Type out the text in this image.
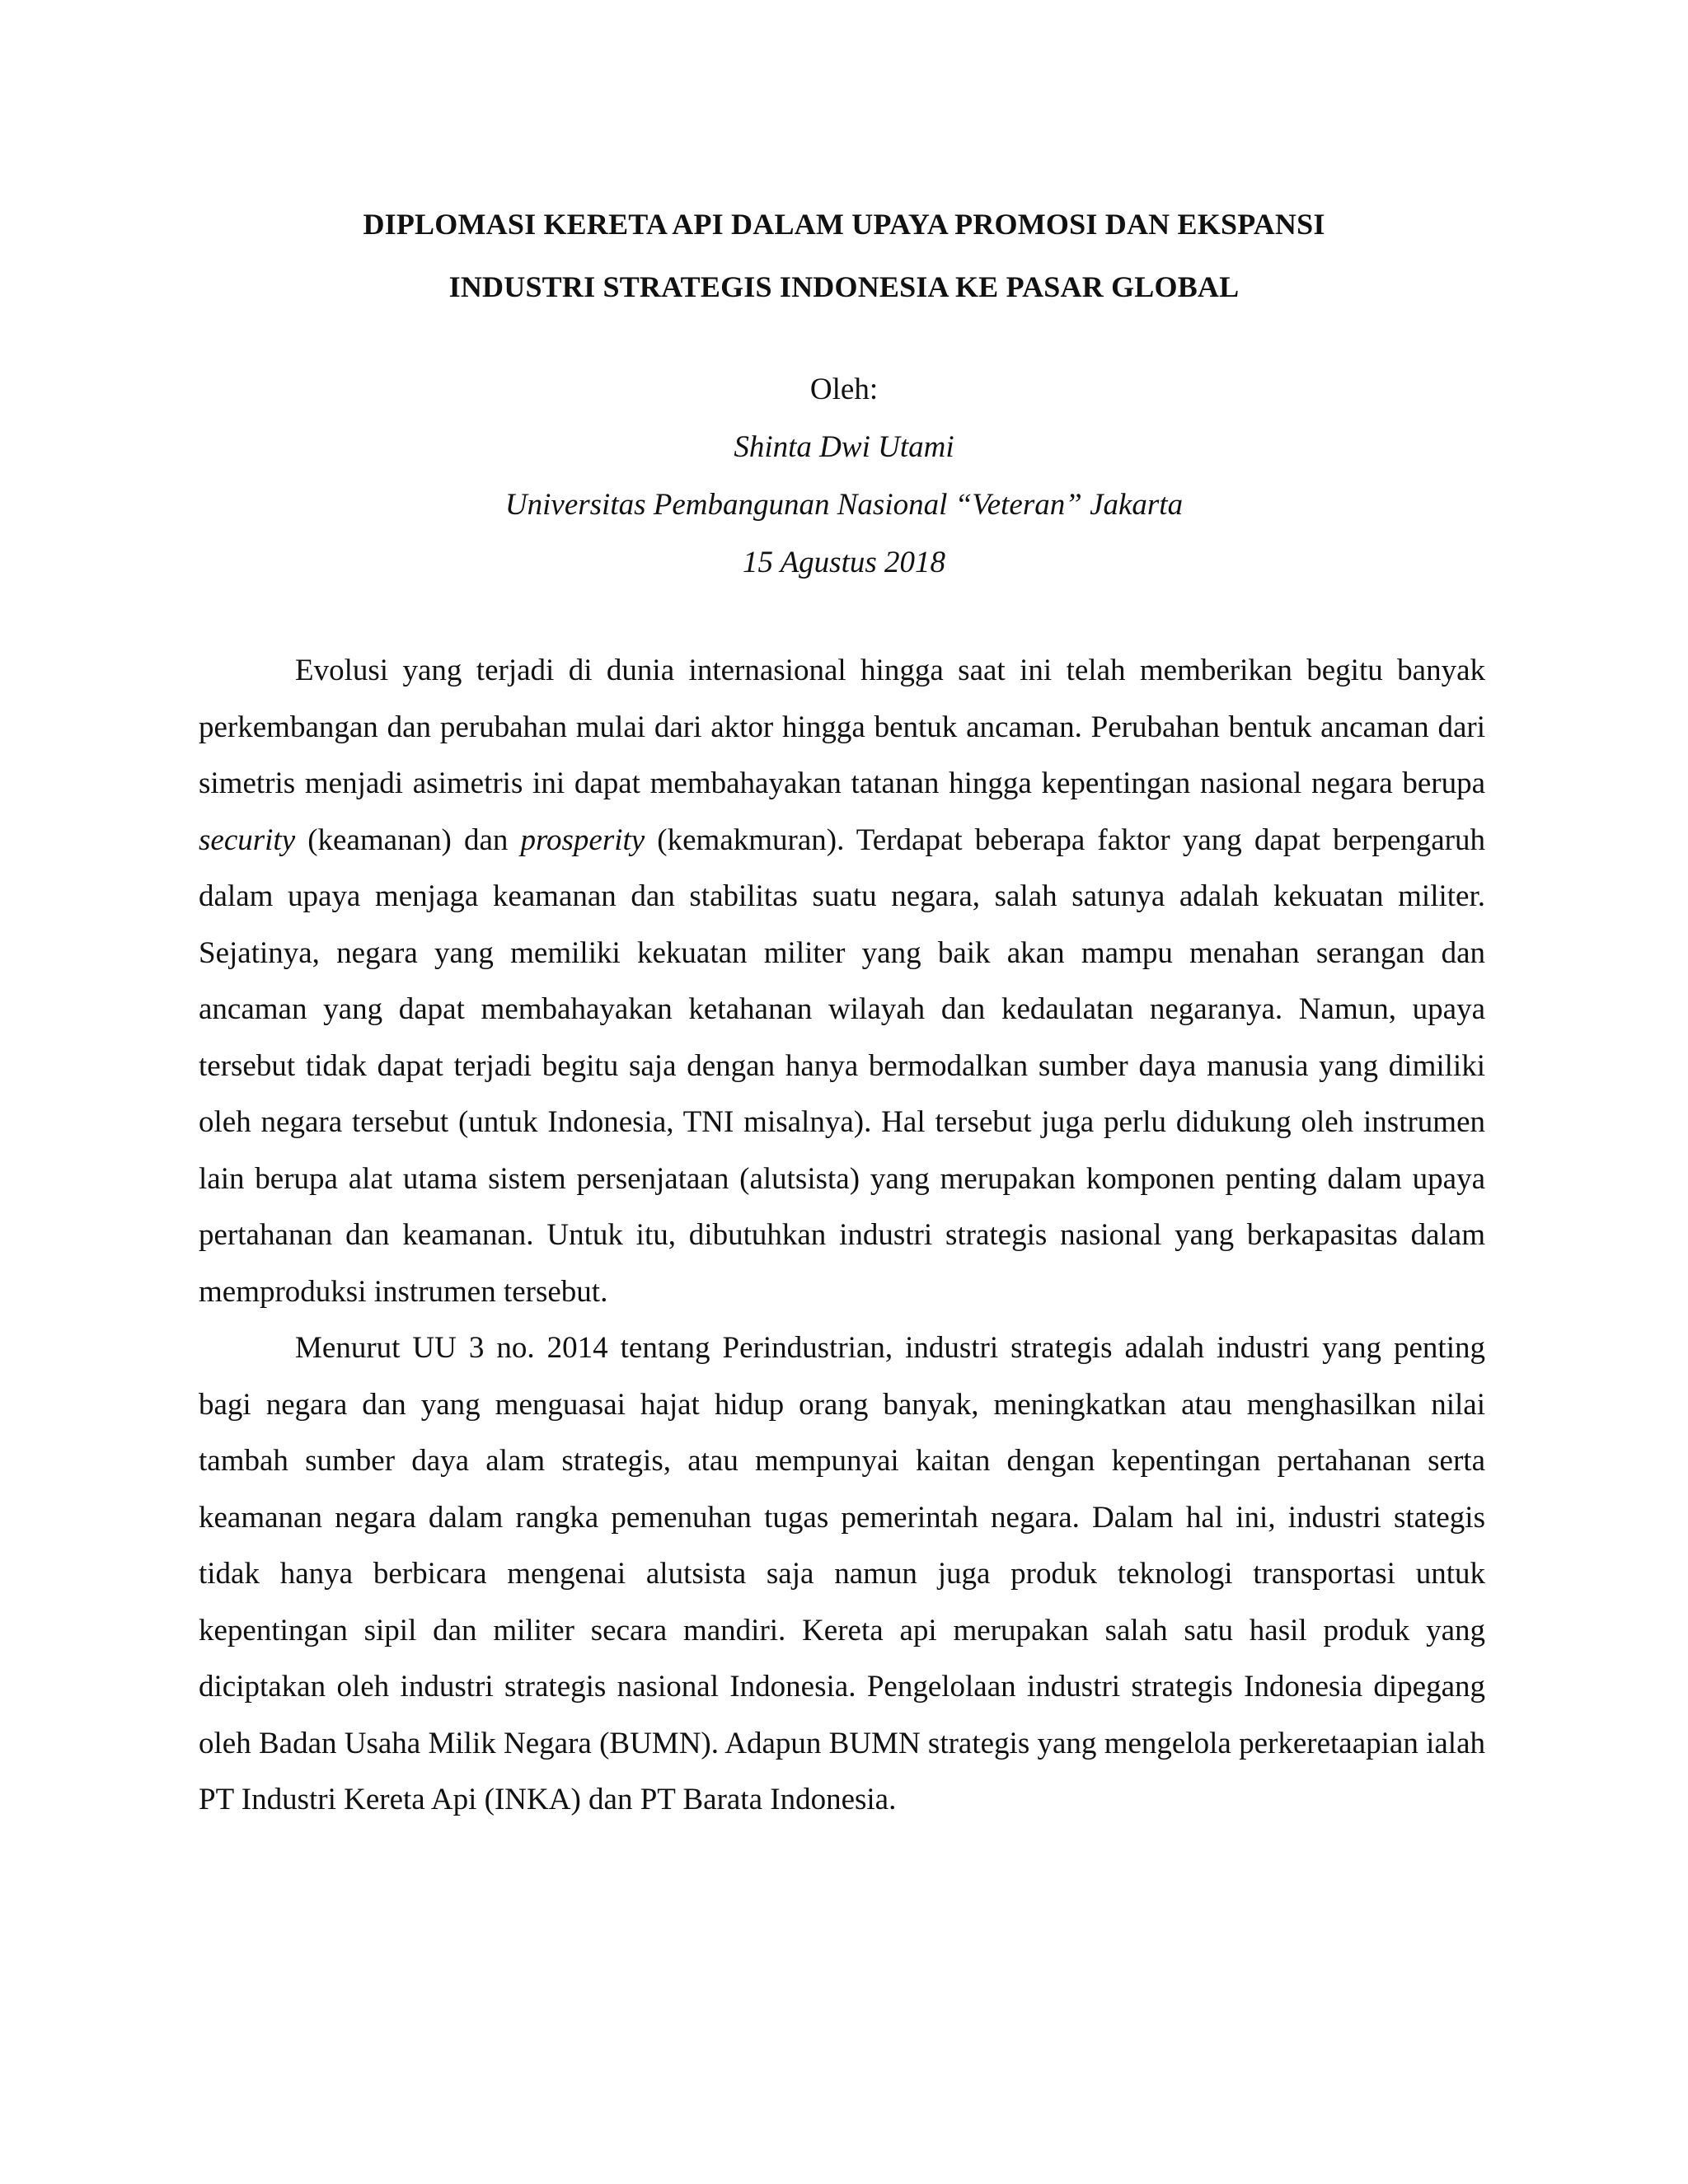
DIPLOMASI KERETA API DALAM UPAYA PROMOSI DAN EKSPANSI
INDUSTRI STRATEGIS INDONESIA KE PASAR GLOBAL
Oleh:
Shinta Dwi Utami
Universitas Pembangunan Nasional “Veteran” Jakarta
15 Agustus 2018

Evolusi yang terjadi di dunia internasional hingga saat ini telah memberikan begitu banyak perkembangan dan perubahan mulai dari aktor hingga bentuk ancaman. Perubahan bentuk ancaman dari simetris menjadi asimetris ini dapat membahayakan tatanan hingga kepentingan nasional negara berupa security (keamanan) dan prosperity (kemakmuran). Terdapat beberapa faktor yang dapat berpengaruh dalam upaya menjaga keamanan dan stabilitas suatu negara, salah satunya adalah kekuatan militer. Sejatinya, negara yang memiliki kekuatan militer yang baik akan mampu menahan serangan dan ancaman yang dapat membahayakan ketahanan wilayah dan kedaulatan negaranya. Namun, upaya tersebut tidak dapat terjadi begitu saja dengan hanya bermodalkan sumber daya manusia yang dimiliki oleh negara tersebut (untuk Indonesia, TNI misalnya). Hal tersebut juga perlu didukung oleh instrumen lain berupa alat utama sistem persenjataan (alutsista) yang merupakan komponen penting dalam upaya pertahanan dan keamanan. Untuk itu, dibutuhkan industri strategis nasional yang berkapasitas dalam memproduksi instrumen tersebut.

Menurut UU 3 no. 2014 tentang Perindustrian, industri strategis adalah industri yang penting bagi negara dan yang menguasai hajat hidup orang banyak, meningkatkan atau menghasilkan nilai tambah sumber daya alam strategis, atau mempunyai kaitan dengan kepentingan pertahanan serta keamanan negara dalam rangka pemenuhan tugas pemerintah negara. Dalam hal ini, industri stategis tidak hanya berbicara mengenai alutsista saja namun juga produk teknologi transportasi untuk kepentingan sipil dan militer secara mandiri. Kereta api merupakan salah satu hasil produk yang diciptakan oleh industri strategis nasional Indonesia. Pengelolaan industri strategis Indonesia dipegang oleh Badan Usaha Milik Negara (BUMN). Adapun BUMN strategis yang mengelola perkeretaapian ialah PT Industri Kereta Api (INKA) dan PT Barata Indonesia.
